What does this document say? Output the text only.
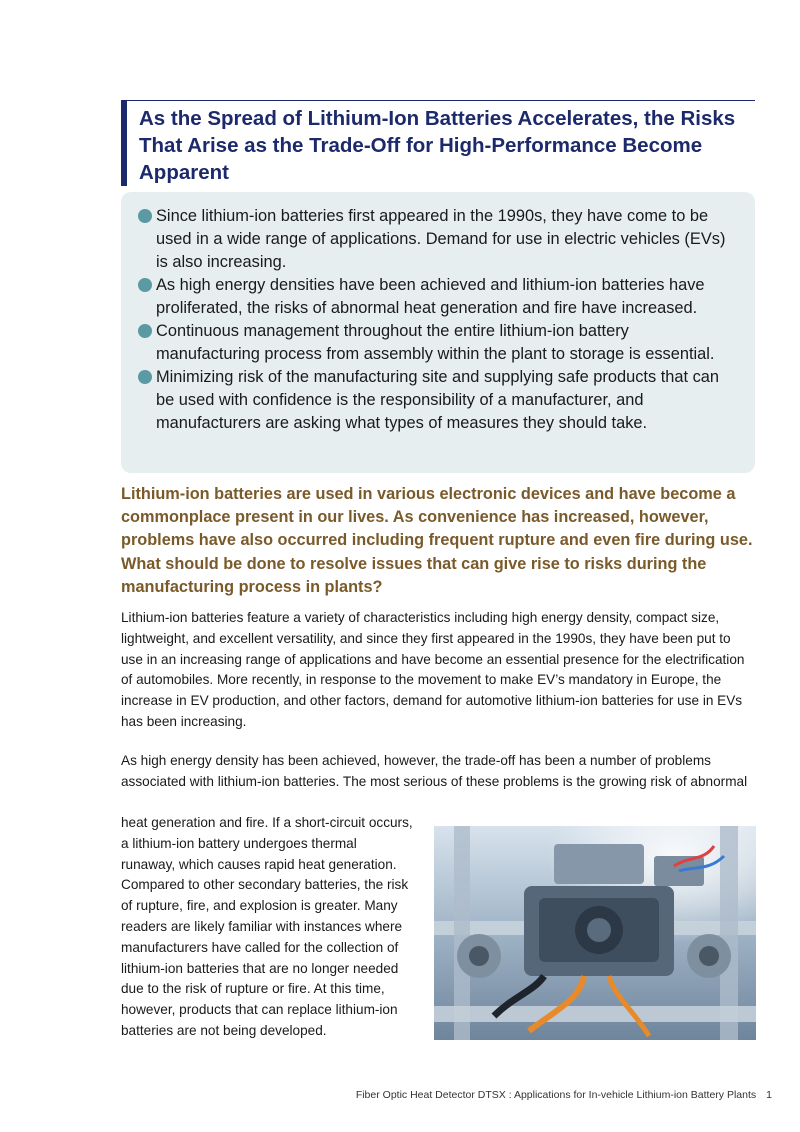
As the Spread of Lithium-Ion Batteries Accelerates, the Risks That Arise as the Trade-Off for High-Performance Become Apparent
Since lithium-ion batteries first appeared in the 1990s, they have come to be used in a wide range of applications. Demand for use in electric vehicles (EVs) is also increasing.
As high energy densities have been achieved and lithium-ion batteries have proliferated, the risks of abnormal heat generation and fire have increased.
Continuous management throughout the entire lithium-ion battery manufacturing process from assembly within the plant to storage is essential.
Minimizing risk of the manufacturing site and supplying safe products that can be used with confidence is the responsibility of a manufacturer, and manufacturers are asking what types of measures they should take.

Lithium-ion batteries are used in various electronic devices and have become a commonplace present in our lives. As convenience has increased, however, problems have also occurred including frequent rupture and even fire during use. What should be done to resolve issues that can give rise to risks during the manufacturing process in plants?

Lithium-ion batteries feature a variety of characteristics including high energy density, compact size, lightweight, and excellent versatility, and since they first appeared in the 1990s, they have been put to use in an increasing range of applications and have become an essential presence for the electrification of automobiles. More recently, in response to the movement to make EV’s mandatory in Europe, the increase in EV production, and other factors, demand for automotive lithium-ion batteries for use in EVs has been increasing.

As high energy density has been achieved, however, the trade-off has been a number of problems associated with lithium-ion batteries. The most serious of these problems is the growing risk of abnormal

heat generation and fire. If a short-circuit occurs, a lithium-ion battery undergoes thermal runaway, which causes rapid heat generation. Compared to other secondary batteries, the risk of rupture, fire, and explosion is greater. Many readers are likely familiar with instances where manufacturers have called for the collection of lithium-ion batteries that are no longer needed due to the risk of rupture or fire. At this time, however, products that can replace lithium-ion batteries are not being developed.

Fiber Optic Heat Detector DTSX : Applications for In-vehicle Lithium-ion Battery Plants 1
